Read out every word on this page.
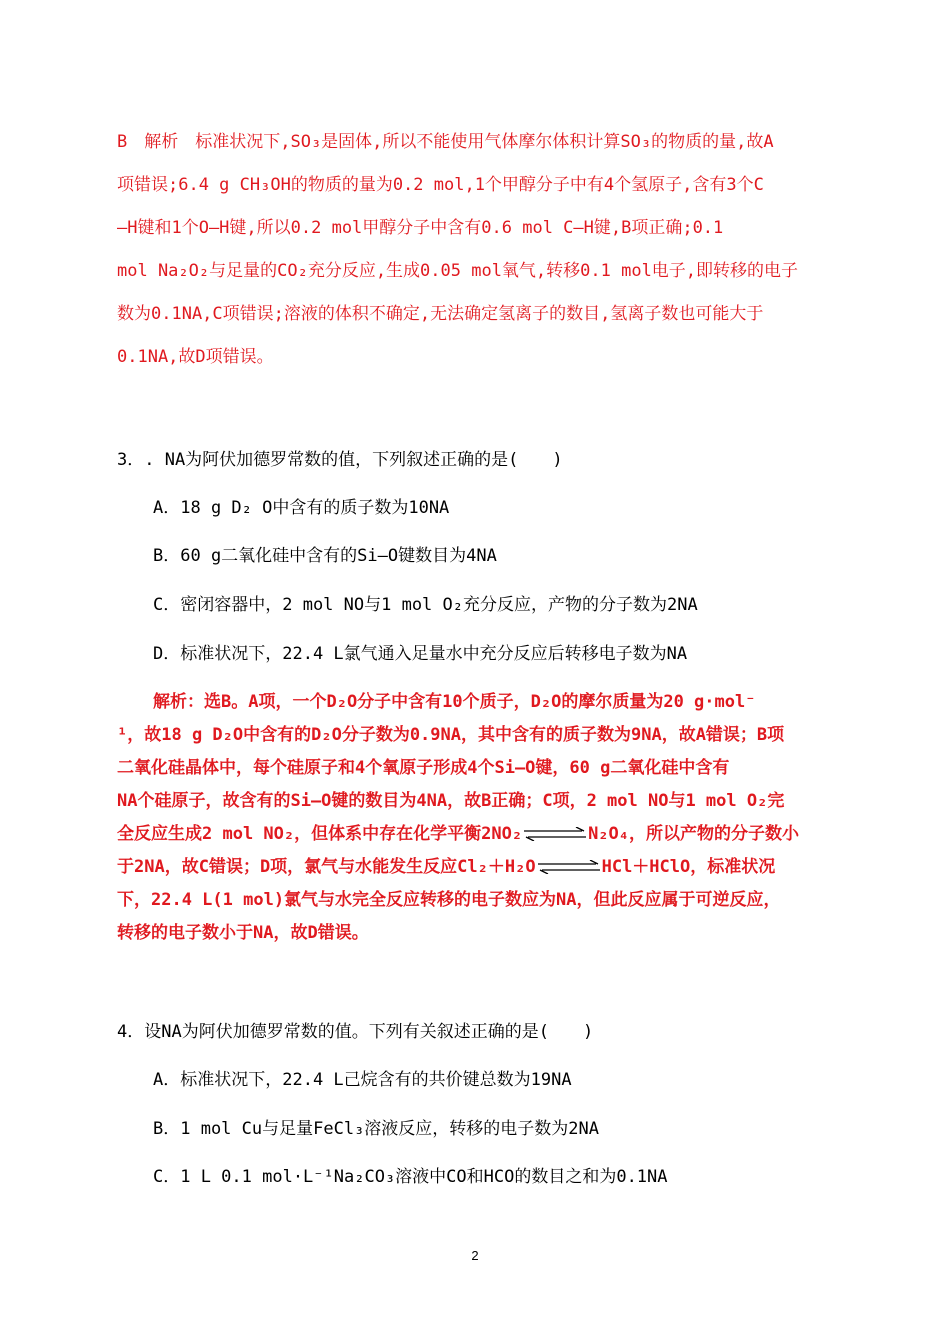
B　解析　标准状况下,SO₃是固体,所以不能使用气体摩尔体积计算SO₃的物质的量,故A
项错误;6.4 g CH₃OH的物质的量为0.2 mol,1个甲醇分子中有4个氢原子,含有3个C
—H键和1个O—H键,所以0.2 mol甲醇分子中含有0.6 mol C—H键,B项正确;0.1
mol Na₂O₂与足量的CO₂充分反应,生成0.05 mol氧气,转移0.1 mol电子,即转移的电子
数为0.1NA,C项错误;溶液的体积不确定,无法确定氢离子的数目,氢离子数也可能大于
0.1NA,故D项错误。
3．. NA为阿伏加德罗常数的值，下列叙述正确的是(　　)
A．18 g D₂ O中含有的质子数为10NA
B．60 g二氧化硅中含有的Si—O键数目为4NA
C．密闭容器中，2 mol NO与1 mol O₂充分反应，产物的分子数为2NA
D．标准状况下，22.4 L氯气通入足量水中充分反应后转移电子数为NA
解析：选B。A项，一个D₂O分子中含有10个质子，D₂O的摩尔质量为20 g·mol⁻
¹，故18 g D₂O中含有的D₂O分子数为0.9NA，其中含有的质子数为9NA，故A错误；B项
二氧化硅晶体中，每个硅原子和4个氧原子形成4个Si—O键，60 g二氧化硅中含有
NA个硅原子，故含有的Si—O键的数目为4NA，故B正确；C项，2 mol NO与1 mol O₂完
全反应生成2 mol NO₂，但体系中存在化学平衡2NO₂⇌N₂O₄，所以产物的分子数小
于2NA，故C错误；D项，氯气与水能发生反应Cl₂＋H₂O⇌HCl＋HClO，标准状况
下，22.4 L(1 mol)氯气与水完全反应转移的电子数应为NA，但此反应属于可逆反应，
转移的电子数小于NA，故D错误。
4．设NA为阿伏加德罗常数的值。下列有关叙述正确的是(　　)
A．标准状况下，22.4 L己烷含有的共价键总数为19NA
B．1 mol Cu与足量FeCl₃溶液反应，转移的电子数为2NA
C．1 L 0.1 mol·L⁻¹Na₂CO₃溶液中CO和HCO的数目之和为0.1NA
2
